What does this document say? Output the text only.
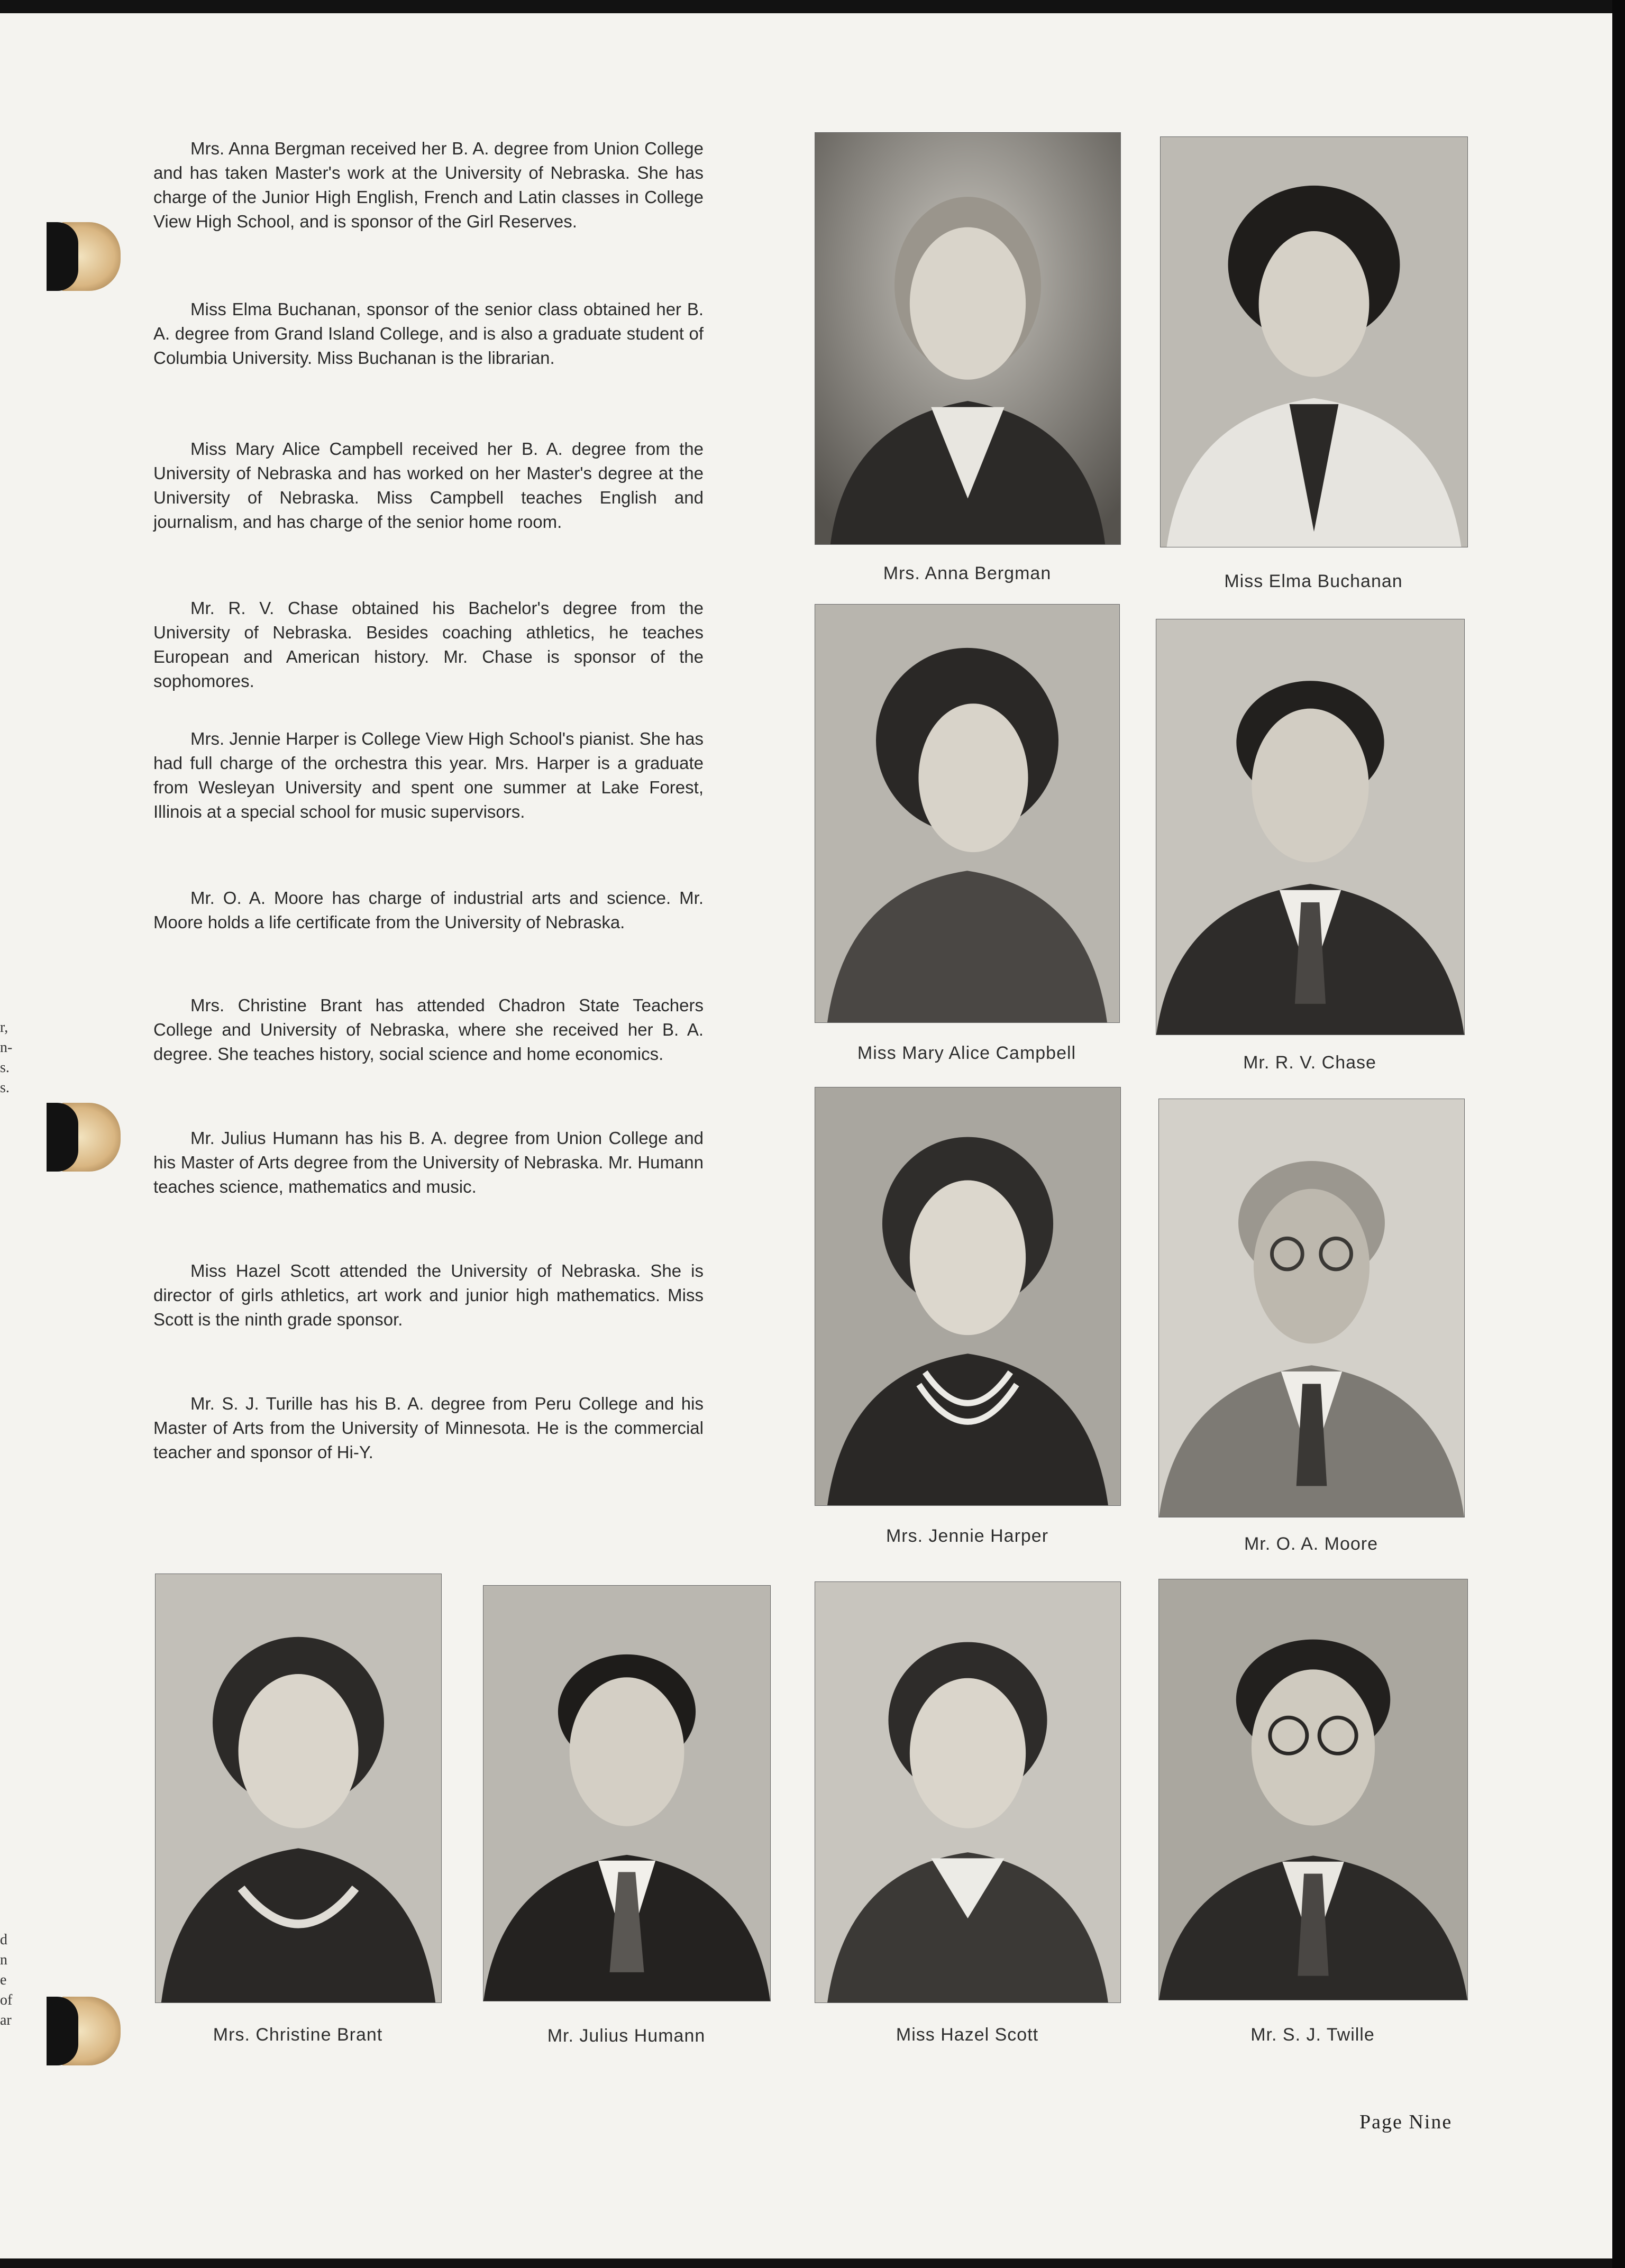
r,
n-
s.
s.
d
n
e
of
ar

Mrs. Anna Bergman received her B. A. degree from Union College and has taken Master's work at the University of Nebraska. She has charge of the Junior High English, French and Latin classes in College View High School, and is sponsor of the Girl Reserves.

Miss Elma Buchanan, sponsor of the senior class obtained her B. A. degree from Grand Island College, and is also a graduate student of Columbia University. Miss Buchanan is the librarian.

Miss Mary Alice Campbell received her B. A. degree from the University of Nebraska and has worked on her Master's degree at the University of Nebraska. Miss Campbell teaches English and journalism, and has charge of the senior home room.

Mr. R. V. Chase obtained his Bachelor's degree from the University of Nebraska. Besides coaching athletics, he teaches European and American history. Mr. Chase is sponsor of the sophomores.

Mrs. Jennie Harper is College View High School's pianist. She has had full charge of the orchestra this year. Mrs. Harper is a graduate from Wesleyan University and spent one summer at Lake Forest, Illinois at a special school for music supervisors.

Mr. O. A. Moore has charge of industrial arts and science. Mr. Moore holds a life certificate from the University of Nebraska.

Mrs. Christine Brant has attended Chadron State Teachers College and University of Nebraska, where she received her B. A. degree. She teaches history, social science and home economics.

Mr. Julius Humann has his B. A. degree from Union College and his Master of Arts degree from the University of Nebraska. Mr. Humann teaches science, mathematics and music.

Miss Hazel Scott attended the University of Nebraska. She is director of girls athletics, art work and junior high mathematics. Miss Scott is the ninth grade sponsor.

Mr. S. J. Turille has his B. A. degree from Peru College and his Master of Arts from the University of Minnesota. He is the commercial teacher and sponsor of Hi-Y.

Mrs. Anna Bergman	Miss Elma Buchanan
Miss Mary Alice Campbell	Mr. R. V. Chase
Mrs. Jennie Harper	Mr. O. A. Moore
Mrs. Christine Brant	Mr. Julius Humann	Miss Hazel Scott	Mr. S. J. Twille
Page Nine
